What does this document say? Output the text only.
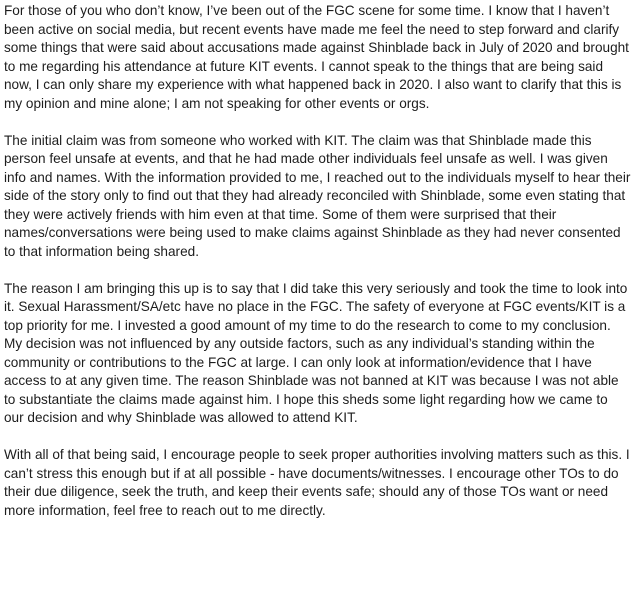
For those of you who don’t know, I’ve been out of the FGC scene for some time. I know that I haven’t been active on social media, but recent events have made me feel the need to step forward and clarify some things that were said about accusations made against Shinblade back in July of 2020 and brought to me regarding his attendance at future KIT events. I cannot speak to the things that are being said now, I can only share my experience with what happened back in 2020. I also want to clarify that this is my opinion and mine alone; I am not speaking for other events or orgs.

The initial claim was from someone who worked with KIT. The claim was that Shinblade made this person feel unsafe at events, and that he had made other individuals feel unsafe as well. I was given info and names. With the information provided to me, I reached out to the individuals myself to hear their side of the story only to find out that they had already reconciled with Shinblade, some even stating that they were actively friends with him even at that time. Some of them were surprised that their names/conversations were being used to make claims against Shinblade as they had never consented to that information being shared.

The reason I am bringing this up is to say that I did take this very seriously and took the time to look into it. Sexual Harassment/SA/etc have no place in the FGC. The safety of everyone at FGC events/KIT is a top priority for me. I invested a good amount of my time to do the research to come to my conclusion. My decision was not influenced by any outside factors, such as any individual’s standing within the community or contributions to the FGC at large. I can only look at information/evidence that I have access to at any given time. The reason Shinblade was not banned at KIT was because I was not able to substantiate the claims made against him. I hope this sheds some light regarding how we came to our decision and why Shinblade was allowed to attend KIT.

With all of that being said, I encourage people to seek proper authorities involving matters such as this. I can’t stress this enough but if at all possible - have documents/witnesses. I encourage other TOs to do their due diligence, seek the truth, and keep their events safe; should any of those TOs want or need more information, feel free to reach out to me directly.
